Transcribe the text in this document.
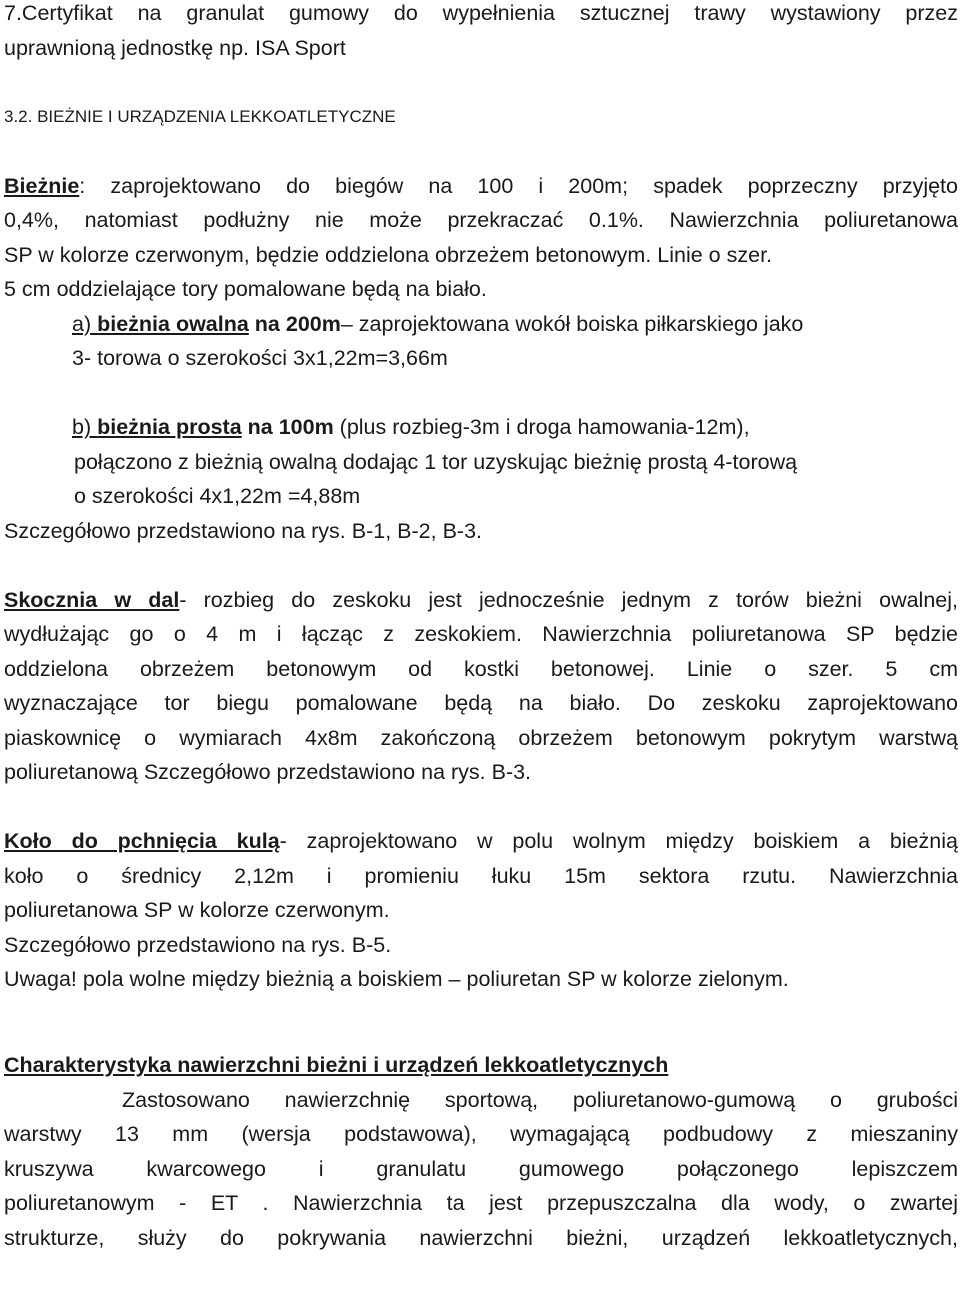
7.Certyfikat na granulat gumowy do wypełnienia sztucznej trawy wystawiony przez
uprawnioną jednostkę np. ISA Sport
3.2. BIEŻNIE I URZĄDZENIA LEKKOATLETYCZNE
Bieżnie: zaprojektowano do biegów na 100 i 200m; spadek poprzeczny przyjęto
0,4%, natomiast podłużny nie może przekraczać 0.1%. Nawierzchnia poliuretanowa
SP w kolorze czerwonym, będzie oddzielona obrzeżem betonowym. Linie o szer.
5 cm oddzielające tory pomalowane będą na biało.
a) bieżnia owalna na 200m– zaprojektowana wokół boiska piłkarskiego jako
3- torowa o szerokości 3x1,22m=3,66m
b) bieżnia prosta na 100m (plus rozbieg-3m i droga hamowania-12m),
połączono z bieżnią owalną dodając 1 tor uzyskując bieżnię prostą 4-torową
o szerokości 4x1,22m =4,88m
Szczegółowo przedstawiono na rys. B-1, B-2, B-3.
Skocznia w dal- rozbieg do zeskoku jest jednocześnie jednym z torów bieżni owalnej,
wydłużając go o 4 m i łącząc z zeskokiem. Nawierzchnia poliuretanowa SP będzie
oddzielona obrzeżem betonowym od kostki betonowej. Linie o szer. 5 cm
wyznaczające tor biegu pomalowane będą na biało. Do zeskoku zaprojektowano
piaskownicę o wymiarach 4x8m zakończoną obrzeżem betonowym pokrytym warstwą
poliuretanową Szczegółowo przedstawiono na rys. B-3.
Koło do pchnięcia kulą- zaprojektowano w polu wolnym między boiskiem a bieżnią
koło o średnicy 2,12m i promieniu łuku 15m sektora rzutu. Nawierzchnia
poliuretanowa SP w kolorze czerwonym.
Szczegółowo przedstawiono na rys. B-5.
Uwaga! pola wolne między bieżnią a boiskiem – poliuretan SP w kolorze zielonym.
Charakterystyka nawierzchni bieżni i urządzeń lekkoatletycznych
Zastosowano nawierzchnię sportową, poliuretanowo-gumową o grubości
warstwy 13 mm (wersja podstawowa), wymagającą podbudowy z mieszaniny
kruszywa kwarcowego i granulatu gumowego połączonego lepiszczem
poliuretanowym - ET . Nawierzchnia ta jest przepuszczalna dla wody, o zwartej
strukturze, służy do pokrywania nawierzchni bieżni, urządzeń lekkoatletycznych,
